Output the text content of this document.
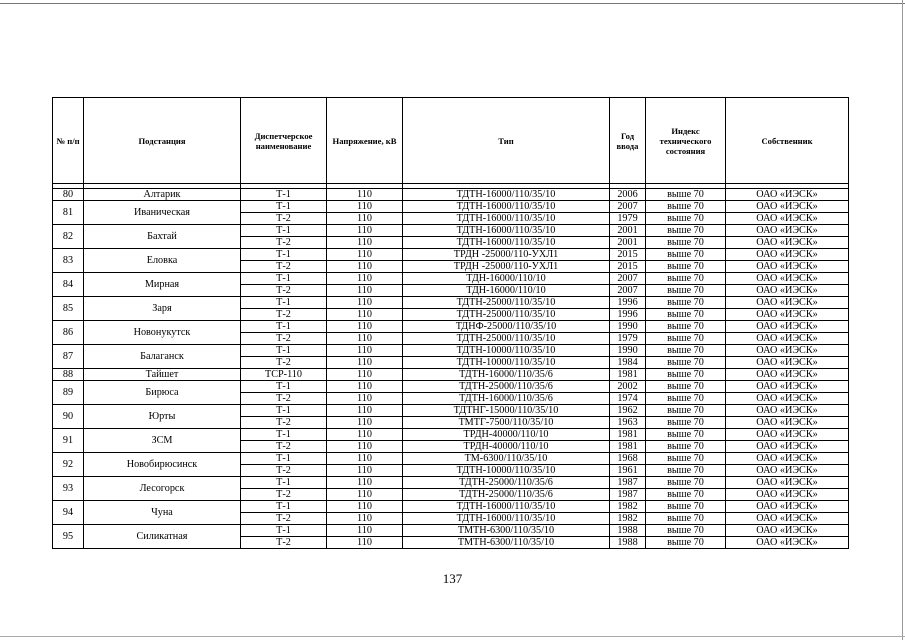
№ п/п	Подстанция	Диспетчерское наименование	Напряжение, кВ	Тип	Год ввода	Индекс технического состояния	Собственник

80	Алтарик	Т-1	110	ТДТН-16000/110/35/10	2006	выше 70	ОАО «ИЭСК»
81	Иваническая	Т-1	110	ТДТН-16000/110/35/10	2007	выше 70	ОАО «ИЭСК»
		Т-2	110	ТДТН-16000/110/35/10	1979	выше 70	ОАО «ИЭСК»
82	Бахтай	Т-1	110	ТДТН-16000/110/35/10	2001	выше 70	ОАО «ИЭСК»
		Т-2	110	ТДТН-16000/110/35/10	2001	выше 70	ОАО «ИЭСК»
83	Еловка	Т-1	110	ТРДН -25000/110-УХЛ1	2015	выше 70	ОАО «ИЭСК»
		Т-2	110	ТРДН -25000/110-УХЛ1	2015	выше 70	ОАО «ИЭСК»
84	Мирная	Т-1	110	ТДН-16000/110/10	2007	выше 70	ОАО «ИЭСК»
		Т-2	110	ТДН-16000/110/10	2007	выше 70	ОАО «ИЭСК»
85	Заря	Т-1	110	ТДТН-25000/110/35/10	1996	выше 70	ОАО «ИЭСК»
		Т-2	110	ТДТН-25000/110/35/10	1996	выше 70	ОАО «ИЭСК»
86	Новонукутск	Т-1	110	ТДНФ-25000/110/35/10	1990	выше 70	ОАО «ИЭСК»
		Т-2	110	ТДТН-25000/110/35/10	1979	выше 70	ОАО «ИЭСК»
87	Балаганск	Т-1	110	ТДТН-10000/110/35/10	1990	выше 70	ОАО «ИЭСК»
		Т-2	110	ТДТН-10000/110/35/10	1984	выше 70	ОАО «ИЭСК»
88	Тайшет	ТСР-110	110	ТДТН-16000/110/35/6	1981	выше 70	ОАО «ИЭСК»
89	Бирюса	Т-1	110	ТДТН-25000/110/35/6	2002	выше 70	ОАО «ИЭСК»
		Т-2	110	ТДТН-16000/110/35/6	1974	выше 70	ОАО «ИЭСК»
90	Юрты	Т-1	110	ТДТНГ-15000/110/35/10	1962	выше 70	ОАО «ИЭСК»
		Т-2	110	ТМТГ-7500/110/35/10	1963	выше 70	ОАО «ИЭСК»
91	ЗСМ	Т-1	110	ТРДН-40000/110/10	1981	выше 70	ОАО «ИЭСК»
		Т-2	110	ТРДН-40000/110/10	1981	выше 70	ОАО «ИЭСК»
92	Новобирюсинск	Т-1	110	ТМ-6300/110/35/10	1968	выше 70	ОАО «ИЭСК»
		Т-2	110	ТДТН-10000/110/35/10	1961	выше 70	ОАО «ИЭСК»
93	Лесогорск	Т-1	110	ТДТН-25000/110/35/6	1987	выше 70	ОАО «ИЭСК»
		Т-2	110	ТДТН-25000/110/35/6	1987	выше 70	ОАО «ИЭСК»
94	Чуна	Т-1	110	ТДТН-16000/110/35/10	1982	выше 70	ОАО «ИЭСК»
		Т-2	110	ТДТН-16000/110/35/10	1982	выше 70	ОАО «ИЭСК»
95	Силикатная	Т-1	110	ТМТН-6300/110/35/10	1988	выше 70	ОАО «ИЭСК»
		Т-2	110	ТМТН-6300/110/35/10	1988	выше 70	ОАО «ИЭСК»
137
